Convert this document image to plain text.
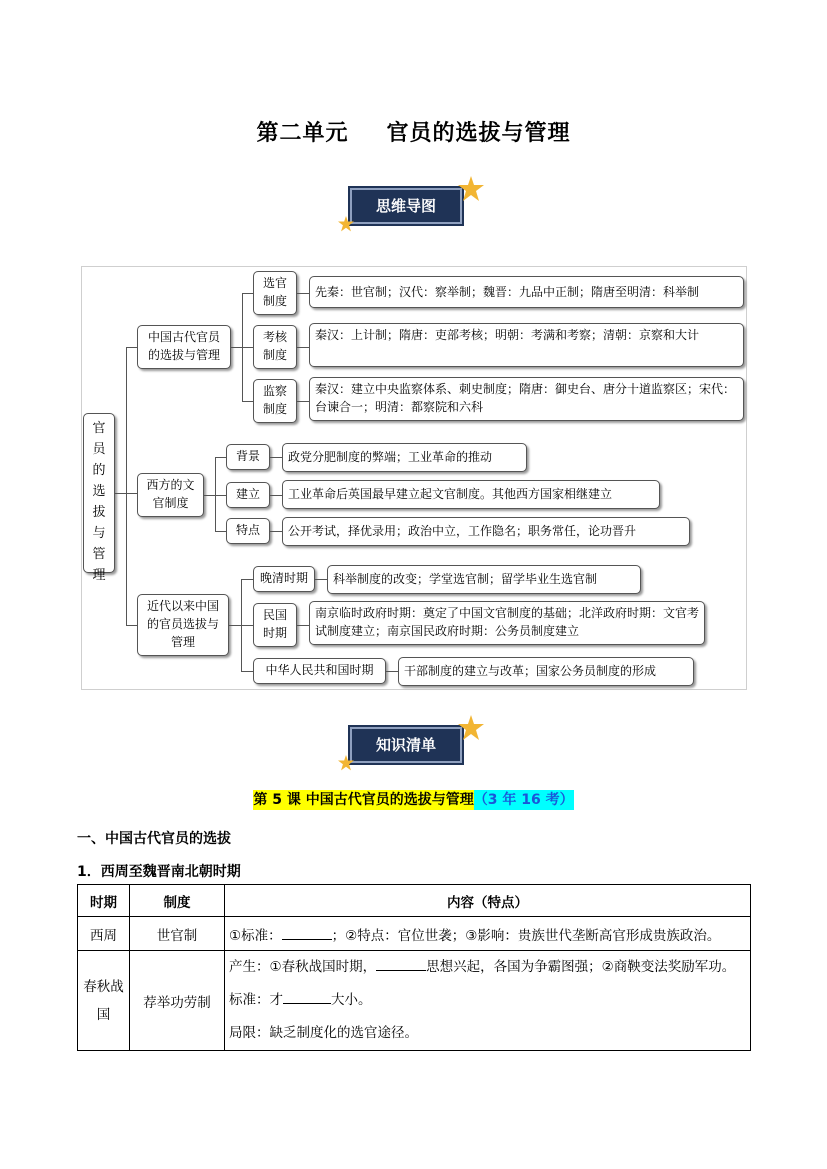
第二单元 官员的选拔与管理
思维导图
官员的选拔与管理
中国古代官员的选拔与管理
选官制度
先秦：世官制；汉代：察举制；魏晋：九品中正制；隋唐至明清：科举制
考核制度
秦汉：上计制；隋唐：吏部考核；明朝：考满和考察；清朝：京察和大计
监察制度
秦汉：建立中央监察体系、刺史制度；隋唐：御史台、唐分十道监察区；宋代：台谏合一；明清：都察院和六科
西方的文官制度
背景	政党分肥制度的弊端；工业革命的推动
建立	工业革命后英国最早建立起文官制度。其他西方国家相继建立
特点	公开考试，择优录用；政治中立，工作隐名；职务常任，论功晋升
近代以来中国的官员选拔与管理
晚清时期	科举制度的改变；学堂选官制；留学毕业生选官制
民国时期
南京临时政府时期：奠定了中国文官制度的基础；北洋政府时期：文官考试制度建立；南京国民政府时期：公务员制度建立
中华人民共和国时期	干部制度的建立与改革；国家公务员制度的形成
知识清单
第 5 课 中国古代官员的选拔与管理（3 年 16 考）
一、中国古代官员的选拔
1．西周至魏晋南北朝时期
时期	制度	内容（特点）
西周	世官制	①标准： ；②特点：官位世袭；③影响：贵族世代垄断高官形成贵族政治。
春秋战国	荐举功劳制	产生：①春秋战国时期， 思想兴起，各国为争霸图强；②商鞅变法奖励军功。
标准：才 大小。
局限：缺乏制度化的选官途径。
